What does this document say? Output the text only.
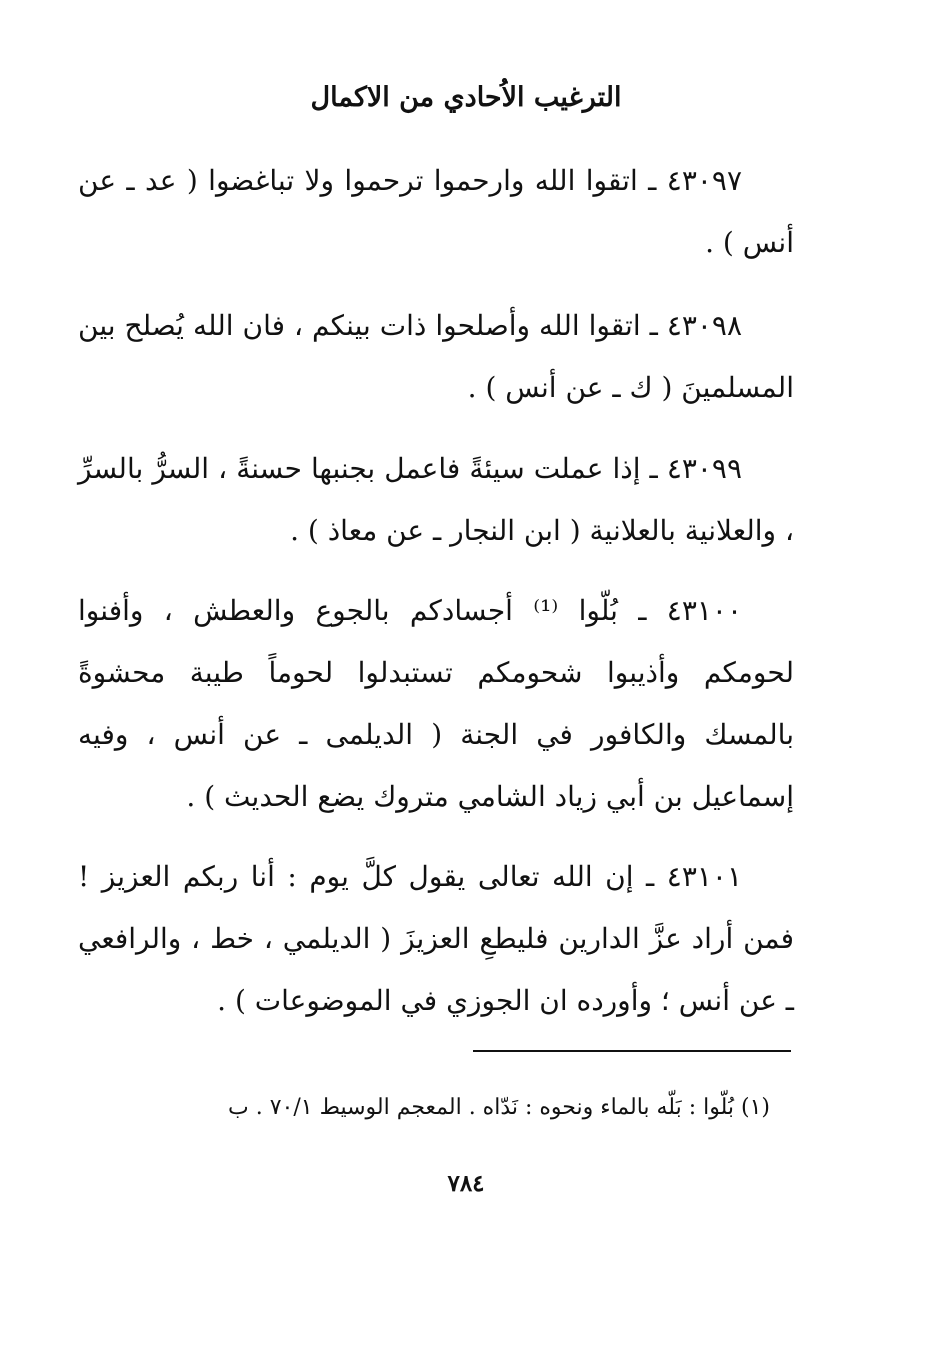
الترغيب الاُحادي من الاكمال
٤٣٠٩٧ ـ اتقوا الله وارحموا ترحموا ولا تباغضوا ( عد ـ عن أنس ) .
٤٣٠٩٨ ـ اتقوا الله وأصلحوا ذات بينكم ، فان الله يُصلح بين المسلمينَ ( ك ـ عن أنس ) .
٤٣٠٩٩ ـ إذا عملت سيئةً فاعمل بجنبها حسنةً ، السرُّ بالسرِّ ، والعلانية بالعلانية ( ابن النجار ـ عن معاذ ) .
٤٣١٠٠ ـ بُلّوا ⁽¹⁾ أجسادكم بالجوع والعطش ، وأفنوا لحومكم وأذيبوا شحومكم تستبدلوا لحوماً طيبة محشوةً بالمسك والكافور في الجنة ( الديلمى ـ عن أنس ، وفيه إسماعيل بن أبي زياد الشامي متروك يضع الحديث ) .
٤٣١٠١ ـ إن الله تعالى يقول كلَّ يوم : أنا ربكم العزيز ! فمن أراد عزَّ الدارين فليطعِ العزيزَ ( الديلمي ، خط ، والرافعي ـ عن أنس ؛ وأورده ان الجوزي في الموضوعات ) .
(١) بُلّوا : بَلّه بالماء ونحوه : نَدّاه . المعجم الوسيط ٧٠/١ . ب
٧٨٤
